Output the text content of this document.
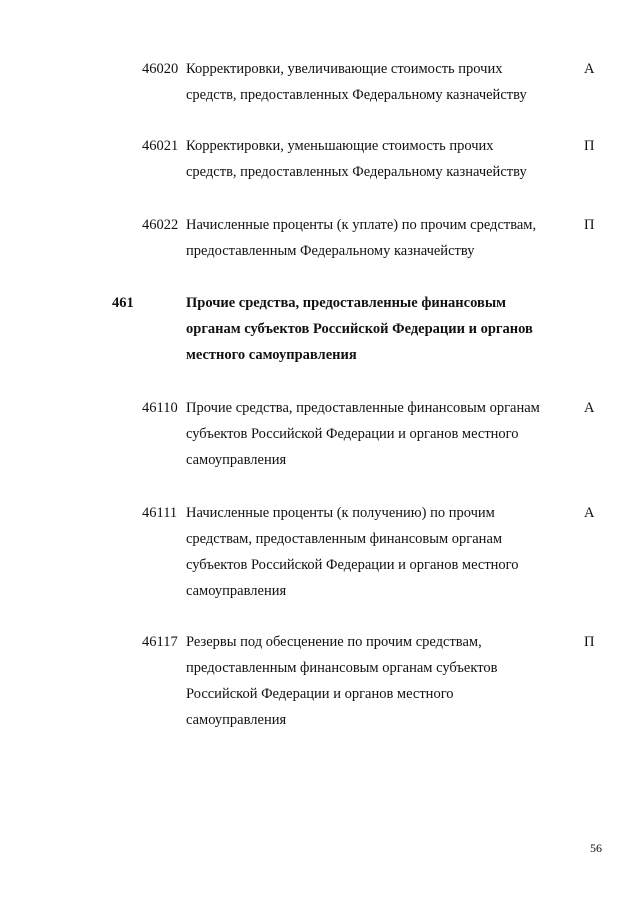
46020 Корректировки, увеличивающие стоимость прочих
средств, предоставленных Федеральному казначейству
А
46021 Корректировки, уменьшающие стоимость прочих
средств, предоставленных Федеральному казначейству
П
46022 Начисленные проценты (к уплате) по прочим средствам,
предоставленным Федеральному казначейству
П
461	Прочие средства, предоставленные финансовым
органам субъектов Российской Федерации и органов
местного самоуправления
46110 Прочие средства, предоставленные финансовым органам
субъектов Российской Федерации и органов местного
самоуправления
А
46111 Начисленные проценты (к получению) по прочим
средствам, предоставленным финансовым органам
субъектов Российской Федерации и органов местного
самоуправления
А
46117 Резервы под обесценение по прочим средствам,
предоставленным финансовым органам субъектов
Российской Федерации и органов местного
самоуправления
П
56
